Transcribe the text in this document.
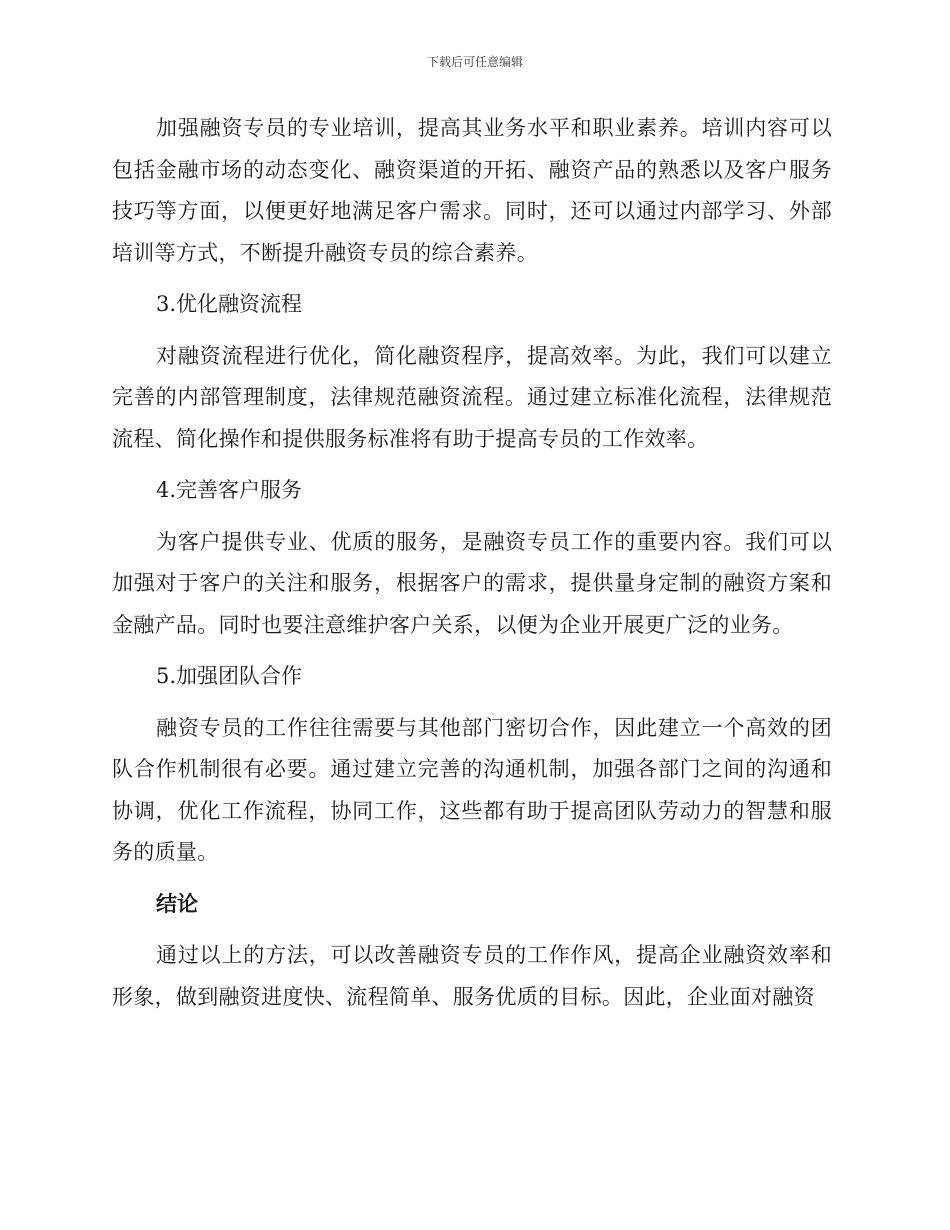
下载后可任意编辑

加强融资专员的专业培训，提高其业务水平和职业素养。培训内容可以包括金融市场的动态变化、融资渠道的开拓、融资产品的熟悉以及客户服务技巧等方面，以便更好地满足客户需求。同时，还可以通过内部学习、外部培训等方式，不断提升融资专员的综合素养。

3.优化融资流程

对融资流程进行优化，简化融资程序，提高效率。为此，我们可以建立完善的内部管理制度，法律规范融资流程。通过建立标准化流程，法律规范流程、简化操作和提供服务标准将有助于提高专员的工作效率。

4.完善客户服务

为客户提供专业、优质的服务，是融资专员工作的重要内容。我们可以加强对于客户的关注和服务，根据客户的需求，提供量身定制的融资方案和金融产品。同时也要注意维护客户关系，以便为企业开展更广泛的业务。

5.加强团队合作

融资专员的工作往往需要与其他部门密切合作，因此建立一个高效的团队合作机制很有必要。通过建立完善的沟通机制，加强各部门之间的沟通和协调，优化工作流程，协同工作，这些都有助于提高团队劳动力的智慧和服务的质量。

结论

通过以上的方法，可以改善融资专员的工作作风，提高企业融资效率和形象，做到融资进度快、流程简单、服务优质的目标。因此，企业面对融资
